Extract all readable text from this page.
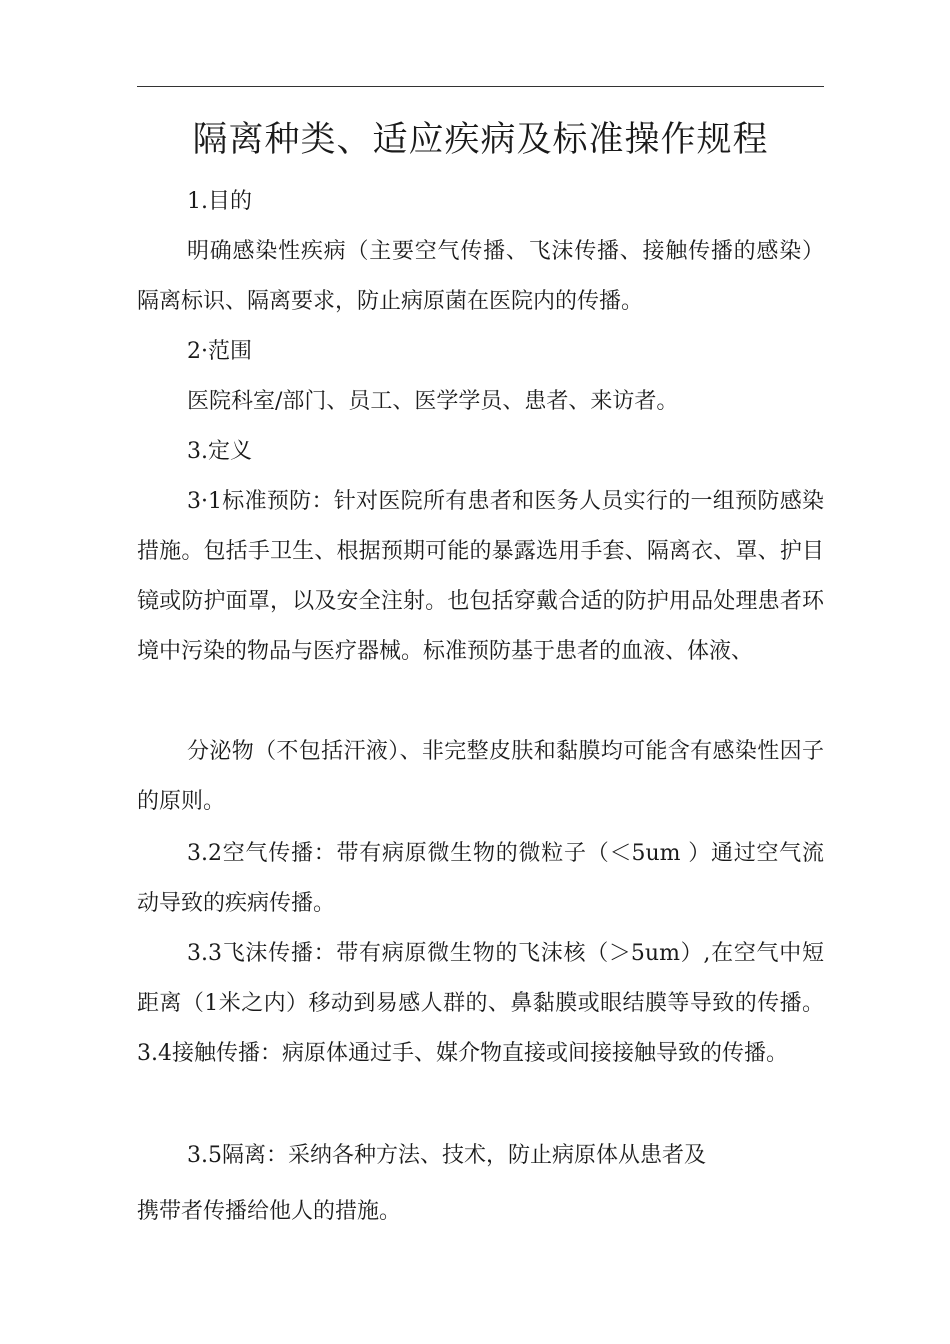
隔离种类、适应疾病及标准操作规程

1.目的

明确感染性疾病（主要空气传播、飞沫传播、接触传播的感染）隔离标识、隔离要求，防止病原菌在医院内的传播。

2·范围

医院科室/部门、员工、医学学员、患者、来访者。

3.定义

3·1标准预防：针对医院所有患者和医务人员实行的一组预防感染措施。包括手卫生、根据预期可能的暴露选用手套、隔离衣、罩、护目镜或防护面罩，以及安全注射。也包括穿戴合适的防护用品处理患者环境中污染的物品与医疗器械。标准预防基于患者的血液、体液、

分泌物（不包括汗液）、非完整皮肤和黏膜均可能含有感染性因子的原则。

3.2空气传播：带有病原微生物的微粒子（＜5um ）通过空气流动导致的疾病传播。

3.3飞沫传播：带有病原微生物的飞沫核（＞5um）,在空气中短距离（1米之内）移动到易感人群的、鼻黏膜或眼结膜等导致的传播。3.4接触传播：病原体通过手、媒介物直接或间接接触导致的传播。

3.5隔离：采纳各种方法、技术，防止病原体从患者及

携带者传播给他人的措施。
